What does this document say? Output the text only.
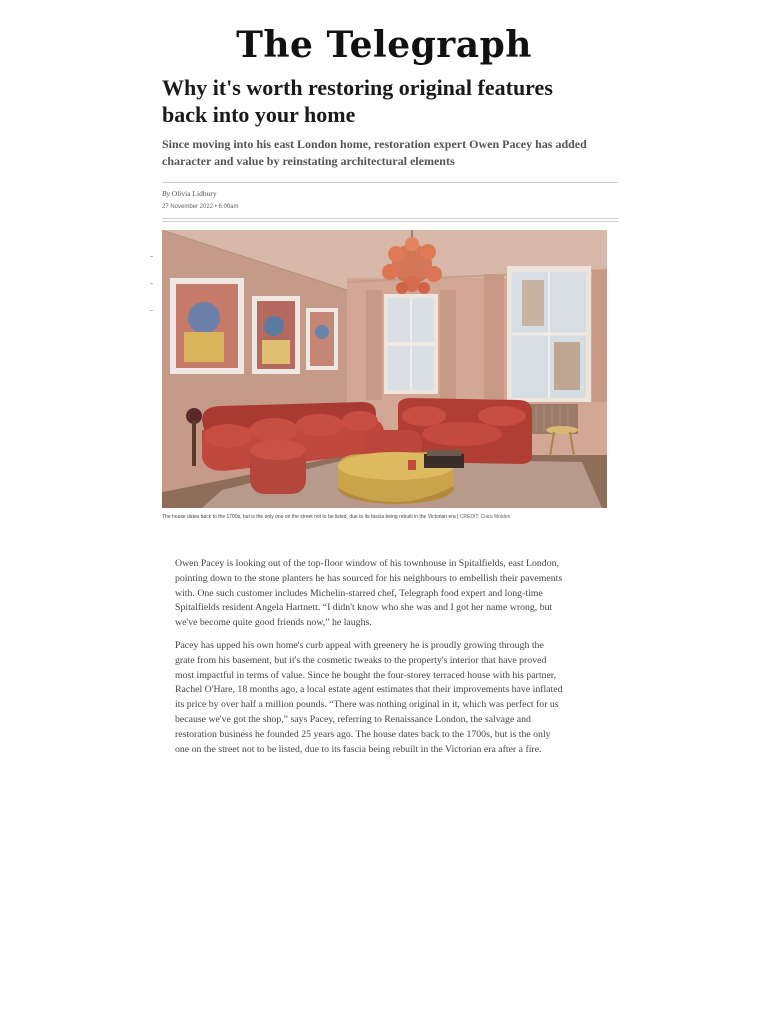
The Telegraph
Why it's worth restoring original features back into your home

Since moving into his east London home, restoration expert Owen Pacey has added character and value by reinstating architectural elements

By Olivia Lidbury
27 November 2022 • 6:00am
The house dates back to the 1700s, but is the only one on the street not to be listed, due to its fascia being rebuilt in the Victorian era | CREDIT: Clara Molden

Owen Pacey is looking out of the top-floor window of his townhouse in Spitalfields, east London, pointing down to the stone planters he has sourced for his neighbours to embellish their pavements with. One such customer includes Michelin-starred chef, Telegraph food expert and long-time Spitalfields resident Angela Hartnett. “I didn't know who she was and I got her name wrong, but we've become quite good friends now,” he laughs.

Pacey has upped his own home's curb appeal with greenery he is proudly growing through the grate from his basement, but it's the cosmetic tweaks to the property's interior that have proved most impactful in terms of value. Since he bought the four-storey terraced house with his partner, Rachel O'Hare, 18 months ago, a local estate agent estimates that their improvements have inflated its price by over half a million pounds. “There was nothing original in it, which was perfect for us because we've got the shop,” says Pacey, referring to Renaissance London, the salvage and restoration business he founded 25 years ago. The house dates back to the 1700s, but is the only one on the street not to be listed, due to its fascia being rebuilt in the Victorian era after a fire.
